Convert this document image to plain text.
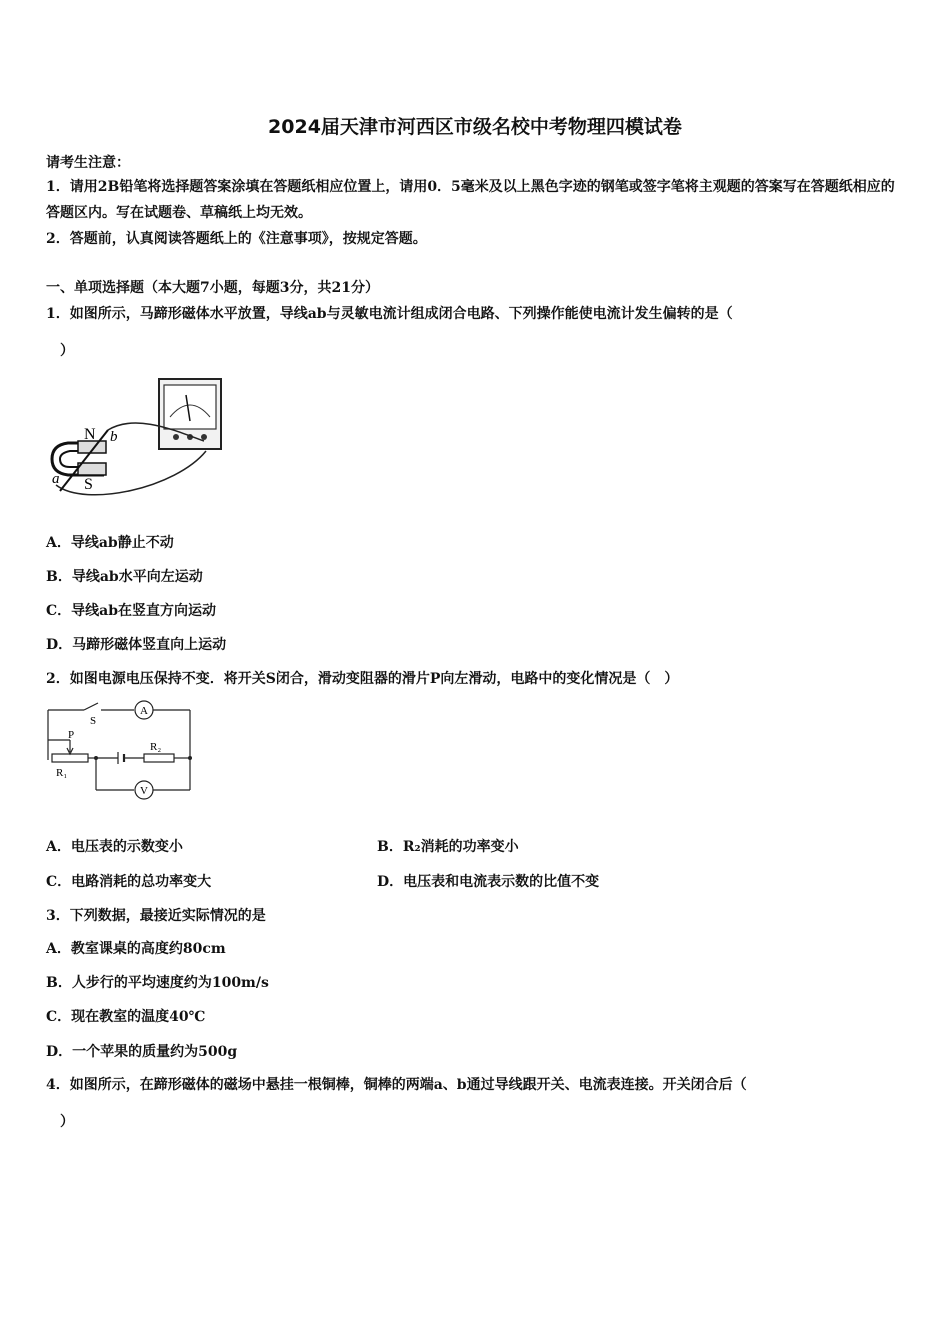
2024届天津市河西区市级名校中考物理四模试卷
请考生注意：
1．请用2B铅笔将选择题答案涂填在答题纸相应位置上，请用0．5毫米及以上黑色字迹的钢笔或签字笔将主观题的答案写在答题纸相应的答题区内。写在试题卷、草稿纸上均无效。
2．答题前，认真阅读答题纸上的《注意事项》，按规定答题。
一、单项选择题（本大题7小题，每题3分，共21分）
1．如图所示，马蹄形磁体水平放置，导线ab与灵敏电流计组成闭合电路、下列操作能使电流计发生偏转的是（
）
N b
a S
A．导线ab静止不动
B．导线ab水平向左运动
C．导线ab在竖直方向运动
D．马蹄形磁体竖直向上运动
2．如图电源电压保持不变．将开关S闭合，滑动变阻器的滑片P向左滑动，电路中的变化情况是（　）
S
A
V
P
R₁
R₂
A．电压表的示数变小	B．R₂消耗的功率变小
C．电路消耗的总功率变大	D．电压表和电流表示数的比值不变
3．下列数据，最接近实际情况的是
A．教室课桌的高度约80cm
B．人步行的平均速度约为100m/s
C．现在教室的温度40℃
D．一个苹果的质量约为500g
4．如图所示，在蹄形磁体的磁场中悬挂一根铜棒，铜棒的两端a、b通过导线跟开关、电流表连接。开关闭合后（
）
